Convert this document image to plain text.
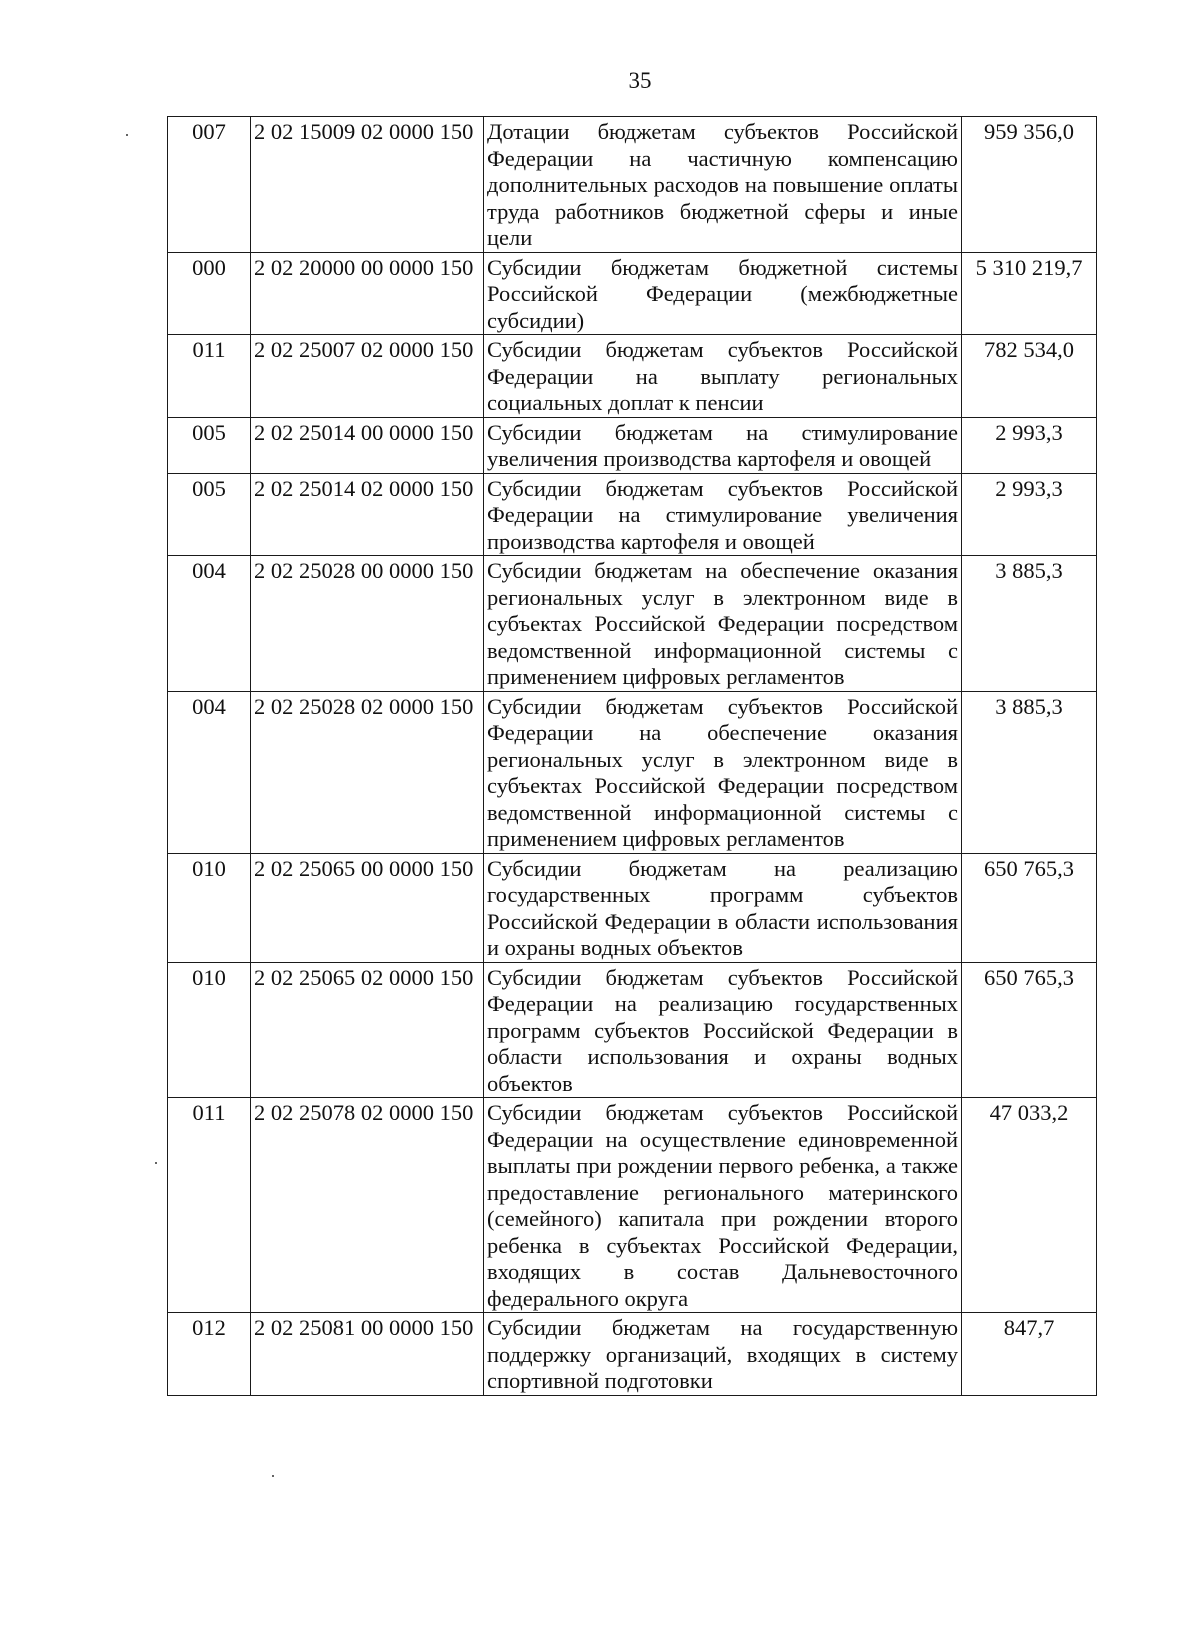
35
007	2 02 15009 02 0000 150	Дотации бюджетам субъектов Российской Федерации на частичную компенсацию дополнительных расходов на повышение оплаты труда работников бюджетной сферы и иные цели	959 356,0
000	2 02 20000 00 0000 150	Субсидии бюджетам бюджетной системы Российской Федерации (межбюджетные субсидии)	5 310 219,7
011	2 02 25007 02 0000 150	Субсидии бюджетам субъектов Российской Федерации на выплату региональных социальных доплат к пенсии	782 534,0
005	2 02 25014 00 0000 150	Субсидии бюджетам на стимулирование увеличения производства картофеля и овощей	2 993,3
005	2 02 25014 02 0000 150	Субсидии бюджетам субъектов Российской Федерации на стимулирование увеличения производства картофеля и овощей	2 993,3
004	2 02 25028 00 0000 150	Субсидии бюджетам на обеспечение оказания региональных услуг в электронном виде в субъектах Российской Федерации посредством ведомственной информационной системы с применением цифровых регламентов	3 885,3
004	2 02 25028 02 0000 150	Субсидии бюджетам субъектов Российской Федерации на обеспечение оказания региональных услуг в электронном виде в субъектах Российской Федерации посредством ведомственной информационной системы с применением цифровых регламентов	3 885,3
010	2 02 25065 00 0000 150	Субсидии бюджетам на реализацию государственных программ субъектов Российской Федерации в области использования и охраны водных объектов	650 765,3
010	2 02 25065 02 0000 150	Субсидии бюджетам субъектов Российской Федерации на реализацию государственных программ субъектов Российской Федерации в области использования и охраны водных объектов	650 765,3
011	2 02 25078 02 0000 150	Субсидии бюджетам субъектов Российской Федерации на осуществление единовременной выплаты при рождении первого ребенка, а также предоставление регионального материнского (семейного) капитала при рождении второго ребенка в субъектах Российской Федерации, входящих в состав Дальневосточного федерального округа	47 033,2
012	2 02 25081 00 0000 150	Субсидии бюджетам на государственную поддержку организаций, входящих в систему спортивной подготовки	847,7
